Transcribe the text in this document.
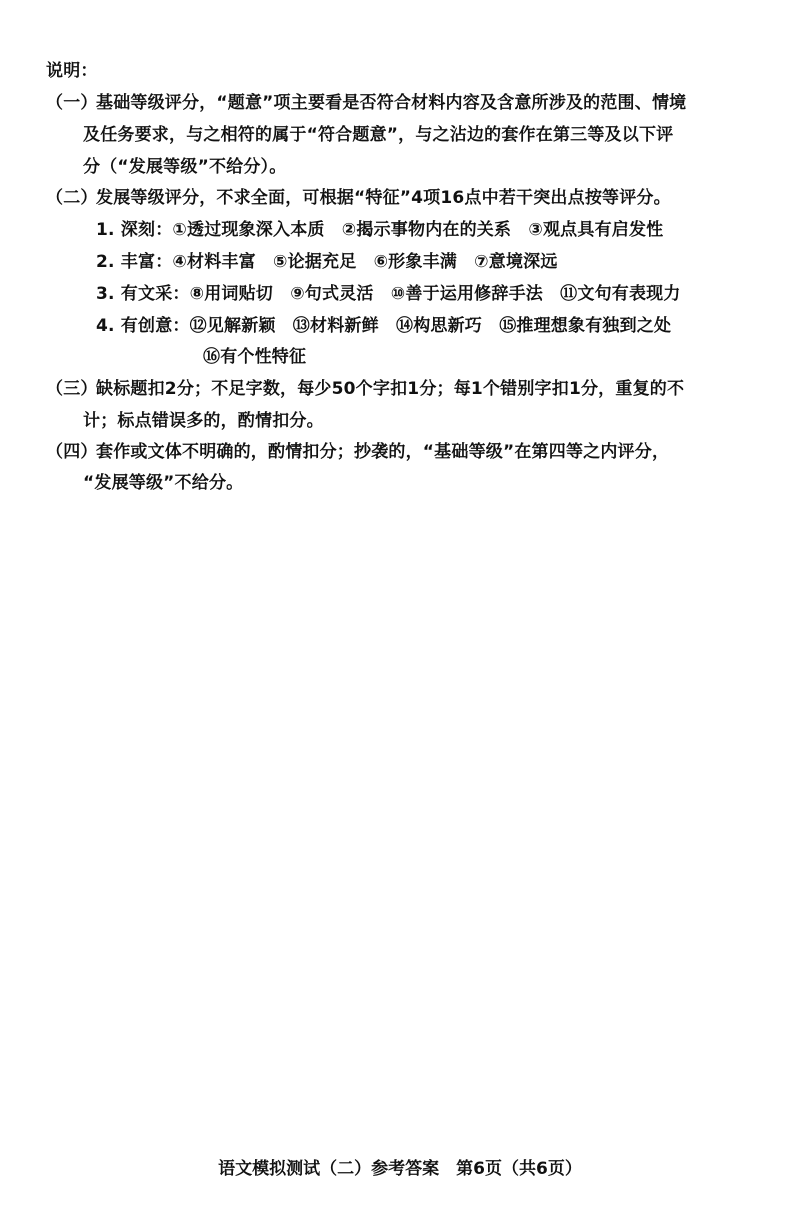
说明：
（一）
基础等级评分，“题意”项主要看是否符合材料内容及含意所涉及的范围、情境
及任务要求，与之相符的属于“符合题意”，与之沾边的套作在第三等及以下评
分（“发展等级”不给分）。
（二）
发展等级评分，不求全面，可根据“特征”4项16点中若干突出点按等评分。
1. 深刻：①透过现象深入本质　②揭示事物内在的关系　③观点具有启发性
2. 丰富：④材料丰富　⑤论据充足　⑥形象丰满　⑦意境深远
3. 有文采：⑧用词贴切　⑨句式灵活　⑩善于运用修辞手法　⑪文句有表现力
4. 有创意：⑫见解新颖　⑬材料新鲜　⑭构思新巧　⑮推理想象有独到之处
⑯有个性特征
（三）
缺标题扣2分；不足字数，每少50个字扣1分；每1个错别字扣1分，重复的不
计；标点错误多的，酌情扣分。
（四）
套作或文体不明确的，酌情扣分；抄袭的，“基础等级”在第四等之内评分，
“发展等级”不给分。
语文模拟测试（二）参考答案　第6页（共6页）
